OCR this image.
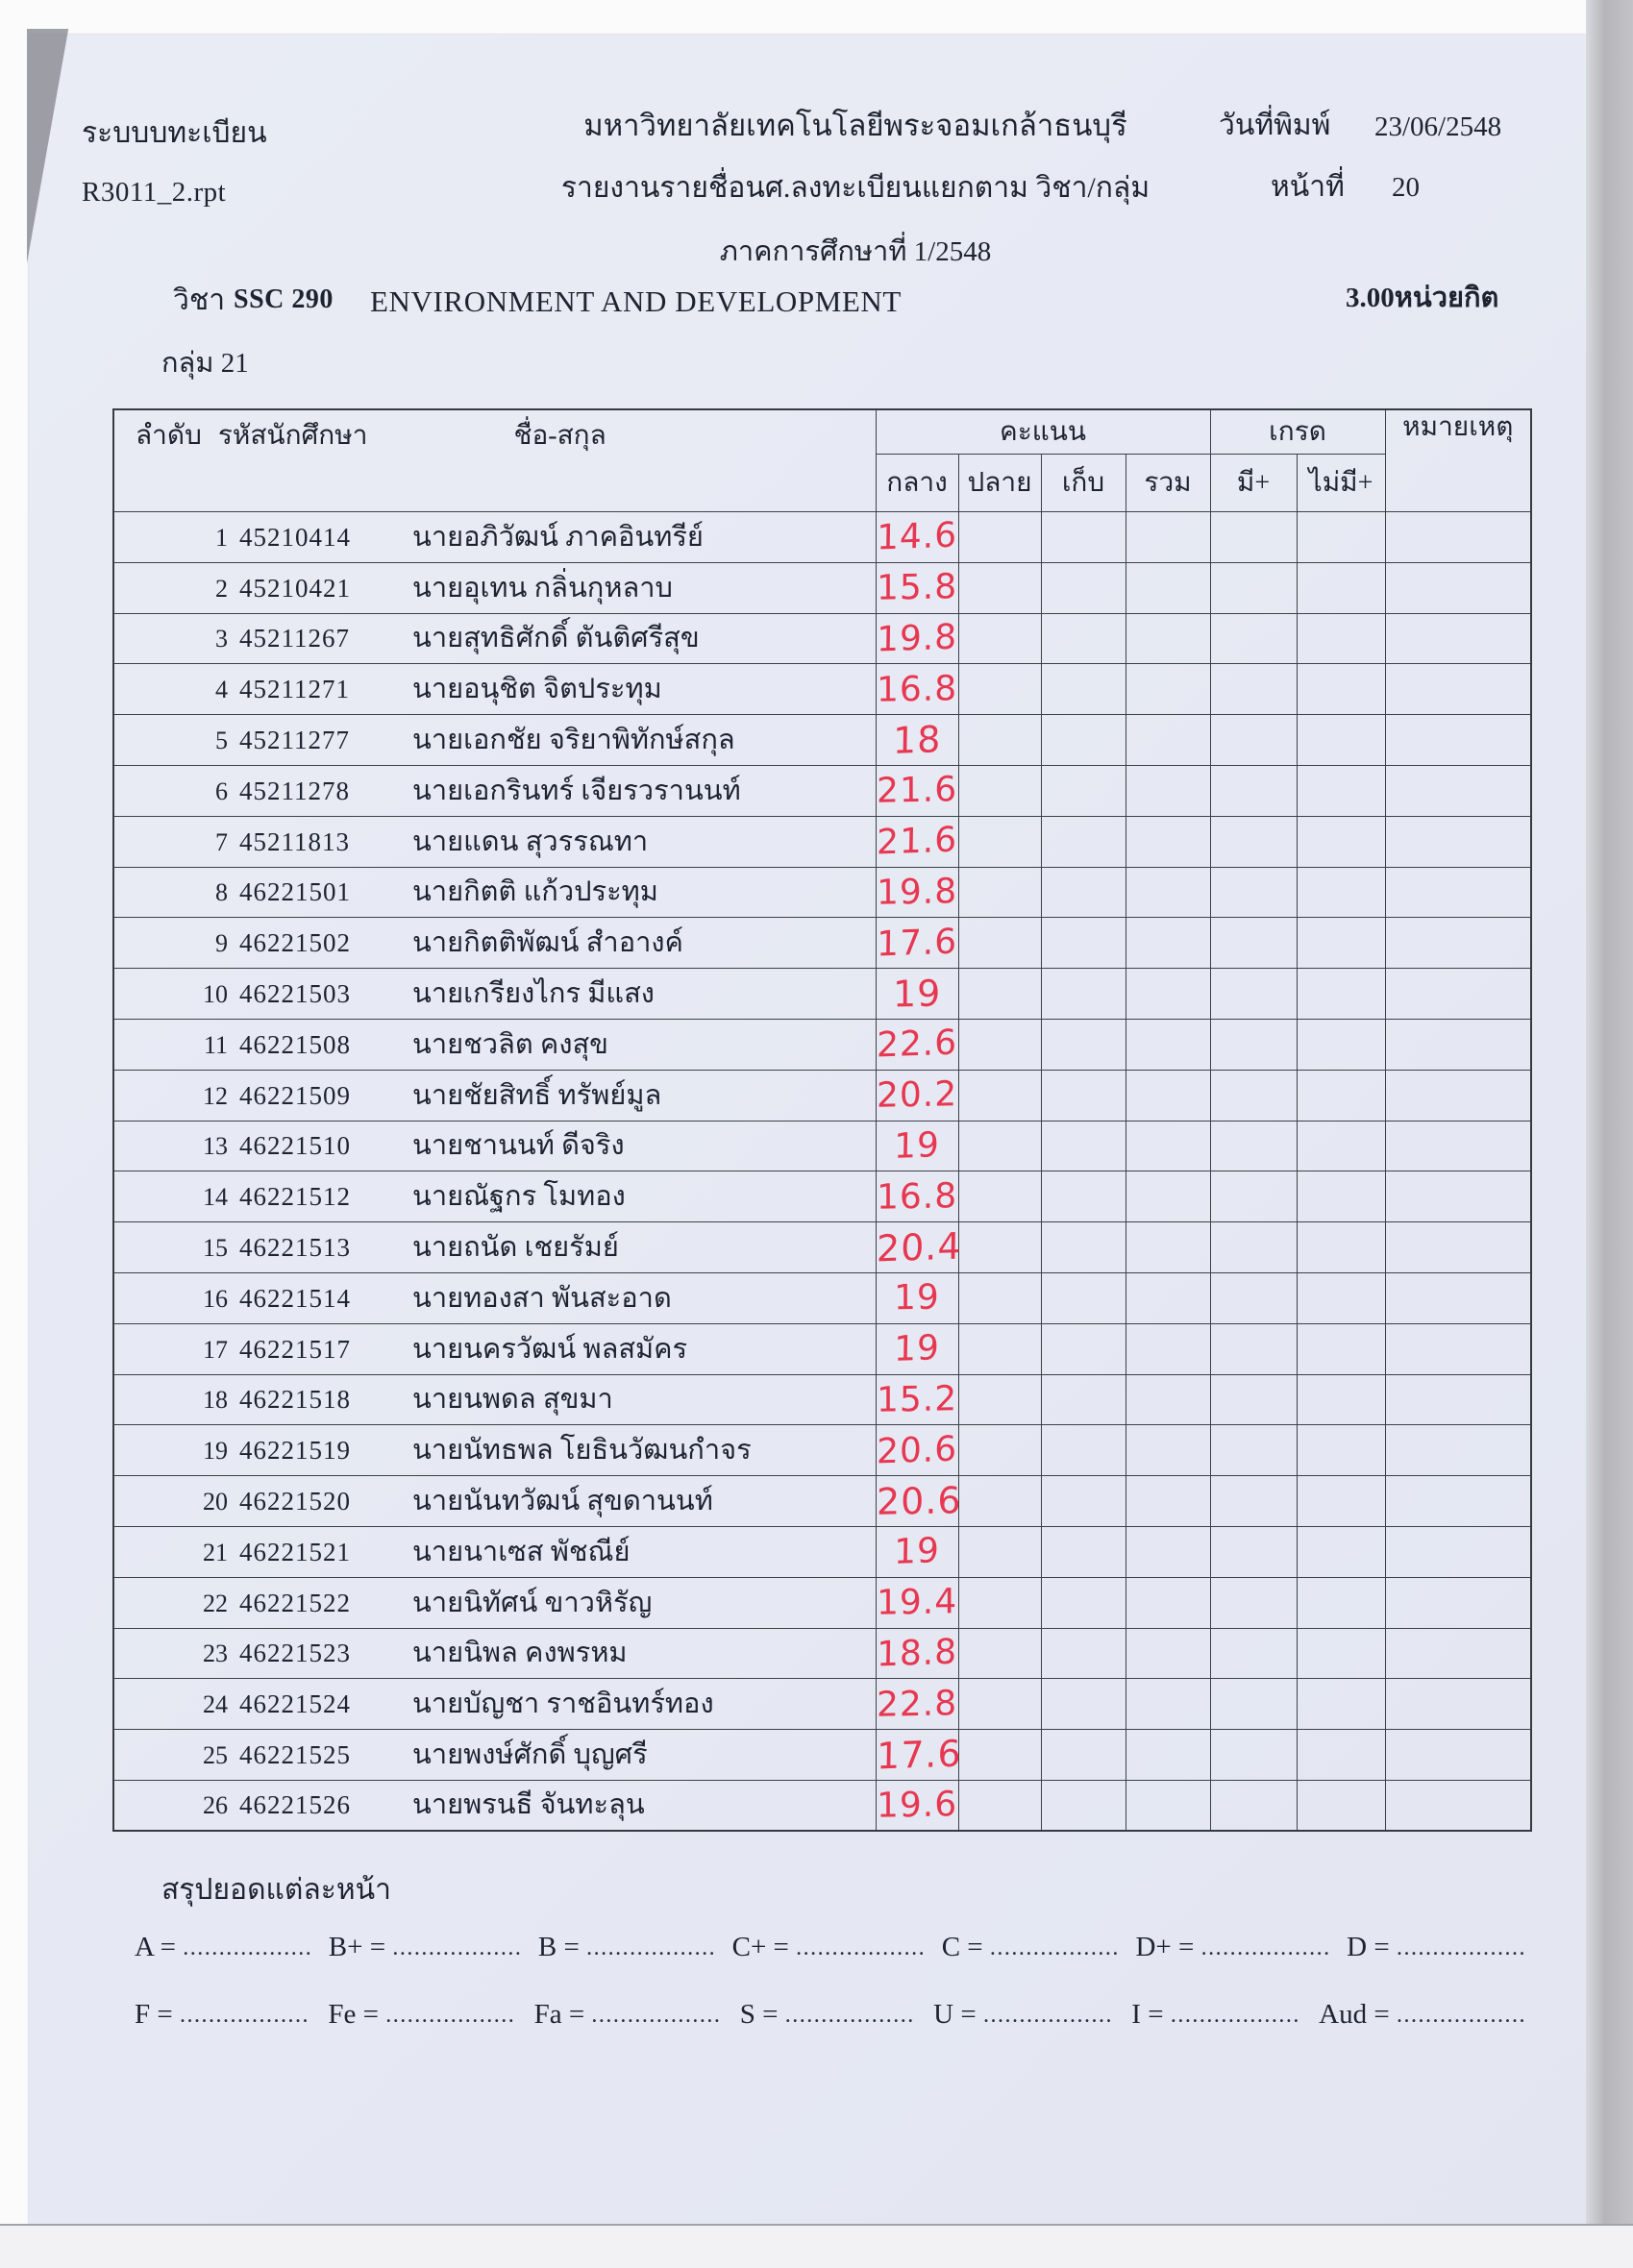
ระบบบทะเบียน
R3011_2.rpt
มหาวิทยาลัยเทคโนโลยีพระจอมเกล้าธนบุรี
รายงานรายชื่อนศ.ลงทะเบียนแยกตาม วิชา/กลุ่ม
ภาคการศึกษาที่ 1/2548
วันที่พิมพ์ 23/06/2548
หน้าที่ 20
วิชา SSC 290 ENVIRONMENT AND DEVELOPMENT	3.00หน่วยกิต
กลุ่ม 21
ลำดับ รหัสนักศึกษา ชื่อ-สกุล	คะแนน				เกรด		หมายเหตุ
	กลาง	ปลาย	เก็บ	รวม	มี+	ไม่มี+	
1 45210414 นายอภิวัฒน์ ภาคอินทรีย์	14.6						
2 45210421 นายอุเทน กลิ่นกุหลาบ	15.8						
3 45211267 นายสุทธิศักดิ์ ตันติศรีสุข	19.8						
4 45211271 นายอนุชิต จิตประทุม	16.8						
5 45211277 นายเอกชัย จริยาพิทักษ์สกุล	18						
6 45211278 นายเอกรินทร์ เจียรวรานนท์	21.6						
7 45211813 นายแดน สุวรรณทา	21.6						
8 46221501 นายกิตติ แก้วประทุม	19.8						
9 46221502 นายกิตติพัฒน์ สำอางค์	17.6						
10 46221503 นายเกรียงไกร มีแสง	19						
11 46221508 นายชวลิต คงสุข	22.6						
12 46221509 นายชัยสิทธิ์ ทรัพย์มูล	20.2						
13 46221510 นายชานนท์ ดีจริง	19						
14 46221512 นายณัฐกร โมทอง	16.8						
15 46221513 นายถนัด เชยรัมย์	20.4						
16 46221514 นายทองสา พันสะอาด	19						
17 46221517 นายนครวัฒน์ พลสมัคร	19						
18 46221518 นายนพดล สุขมา	15.2						
19 46221519 นายนัทธพล โยธินวัฒนกำจร	20.6						
20 46221520 นายนันทวัฒน์ สุขดานนท์	20.6						
21 46221521 นายนาเซส พัชณีย์	19						
22 46221522 นายนิทัศน์ ขาวหิรัญ	19.4						
23 46221523 นายนิพล คงพรหม	18.8						
24 46221524 นายบัญชา ราชอินทร์ทอง	22.8						
25 46221525 นายพงษ์ศักดิ์ บุญศรี	17.6						
26 46221526 นายพรนธี จันทะลุน	19.6						
สรุปยอดแต่ละหน้า
A = .................. B+ = .................. B = .................. C+ = .................. C = .................. D+ = .................. D = ..................
F = .................. Fe = .................. Fa = .................. S = .................. U = .................. I = .................. Aud = ..................
